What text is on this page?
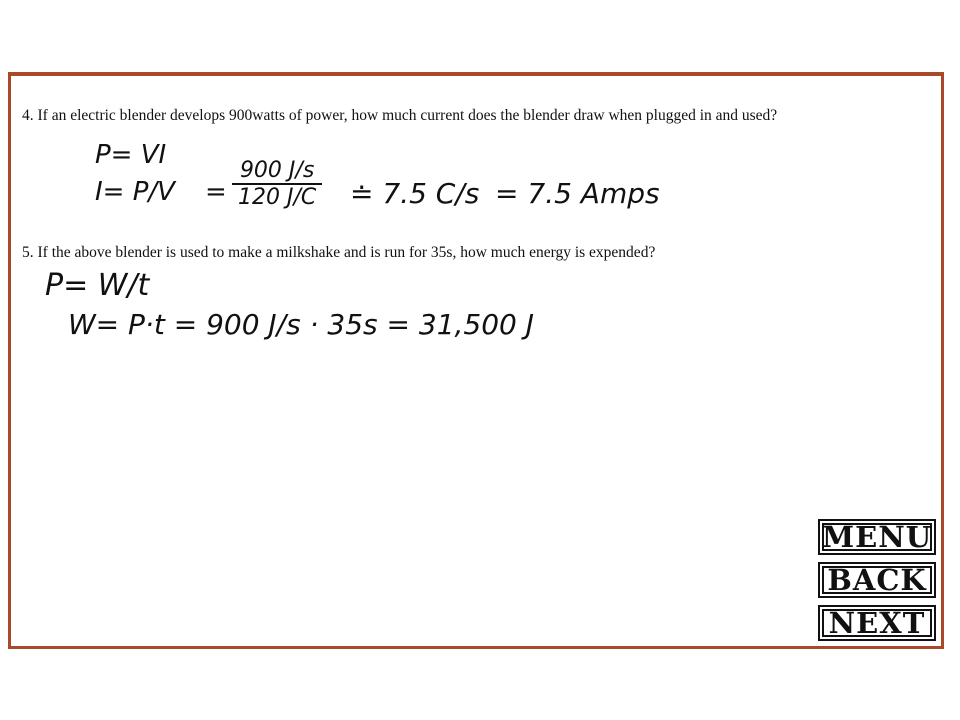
4. If an electric blender develops 900watts of power, how much current does the blender draw when plugged in and used?
P= VI
$I= P/V = \frac{900 J/s}{120 J/C}$ ≐ 7.5 C/s = 7.5 Amps
5. If the above blender is used to make a milkshake and is run for 35s, how much energy is expended?
P= W/t
W= P·t = 900 J/s · 35s = 31,500 J
MENU
BACK
NEXT
